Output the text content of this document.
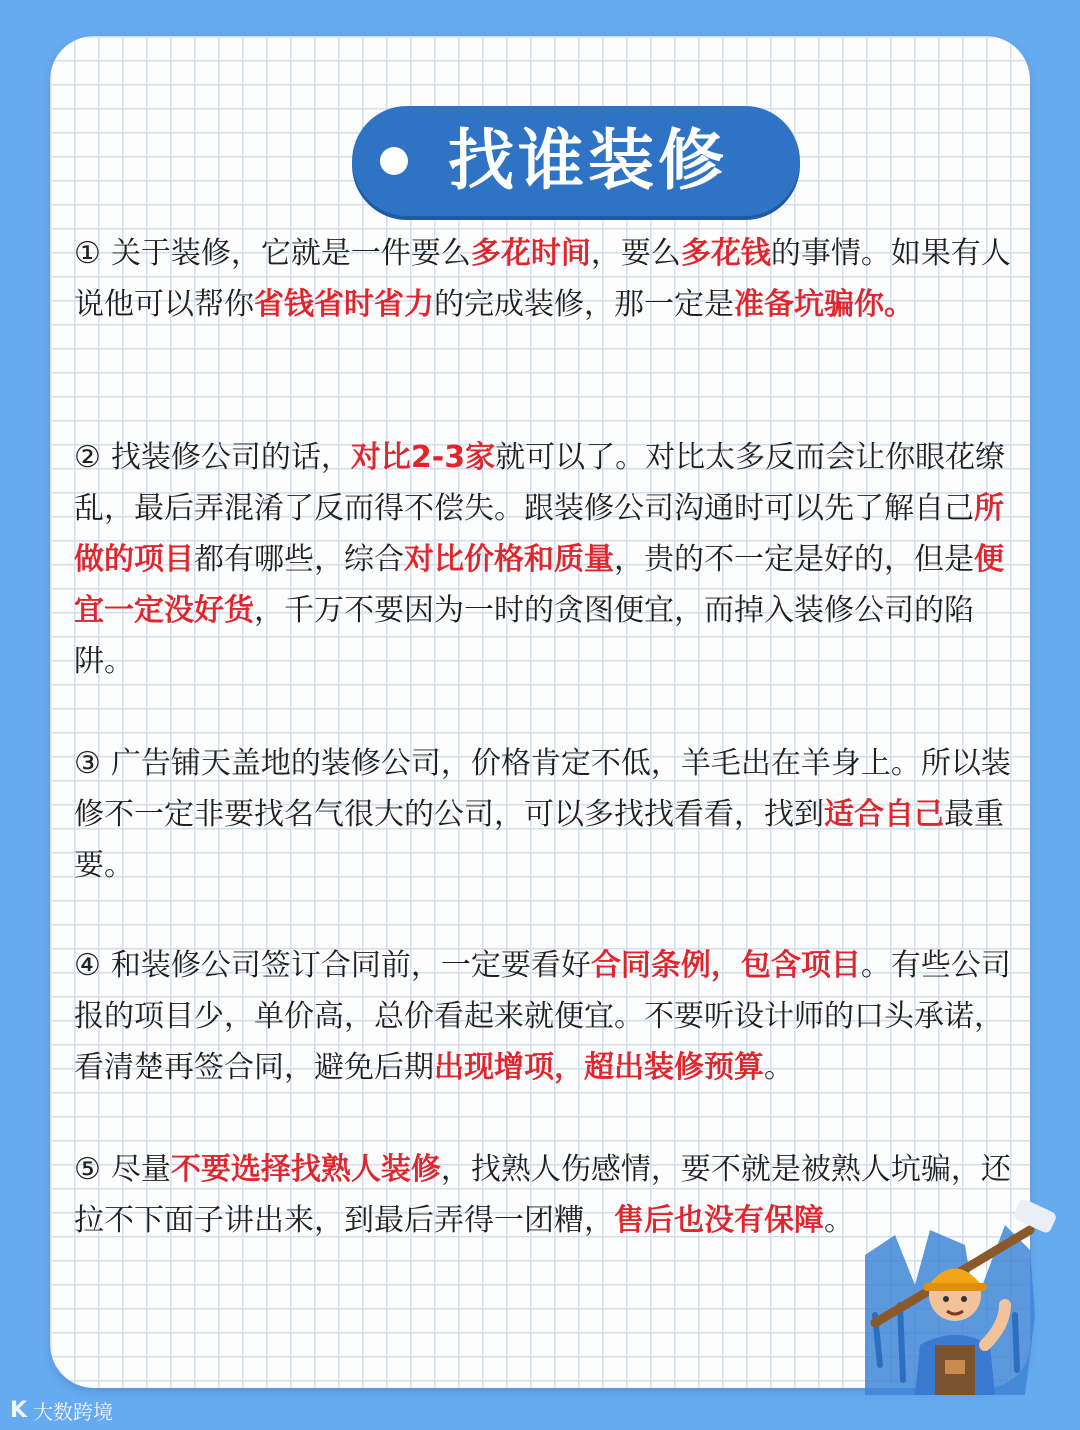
找谁装修

① 关于装修，它就是一件要么多花时间，要么多花钱的事情。如果有人说他可以帮你省钱省时省力的完成装修，那一定是准备坑骗你。

② 找装修公司的话，对比2-3家就可以了。对比太多反而会让你眼花缭乱，最后弄混淆了反而得不偿失。跟装修公司沟通时可以先了解自己所做的项目都有哪些，综合对比价格和质量，贵的不一定是好的，但是便宜一定没好货，千万不要因为一时的贪图便宜，而掉入装修公司的陷阱。

③ 广告铺天盖地的装修公司，价格肯定不低，羊毛出在羊身上。所以装修不一定非要找名气很大的公司，可以多找找看看，找到适合自己最重要。

④ 和装修公司签订合同前，一定要看好合同条例，包含项目。有些公司报的项目少，单价高，总价看起来就便宜。不要听设计师的口头承诺，看清楚再签合同，避免后期出现增项，超出装修预算。

⑤ 尽量不要选择找熟人装修，找熟人伤感情，要不就是被熟人坑骗，还拉不下面子讲出来，到最后弄得一团糟，售后也没有保障。

K 大数跨境
